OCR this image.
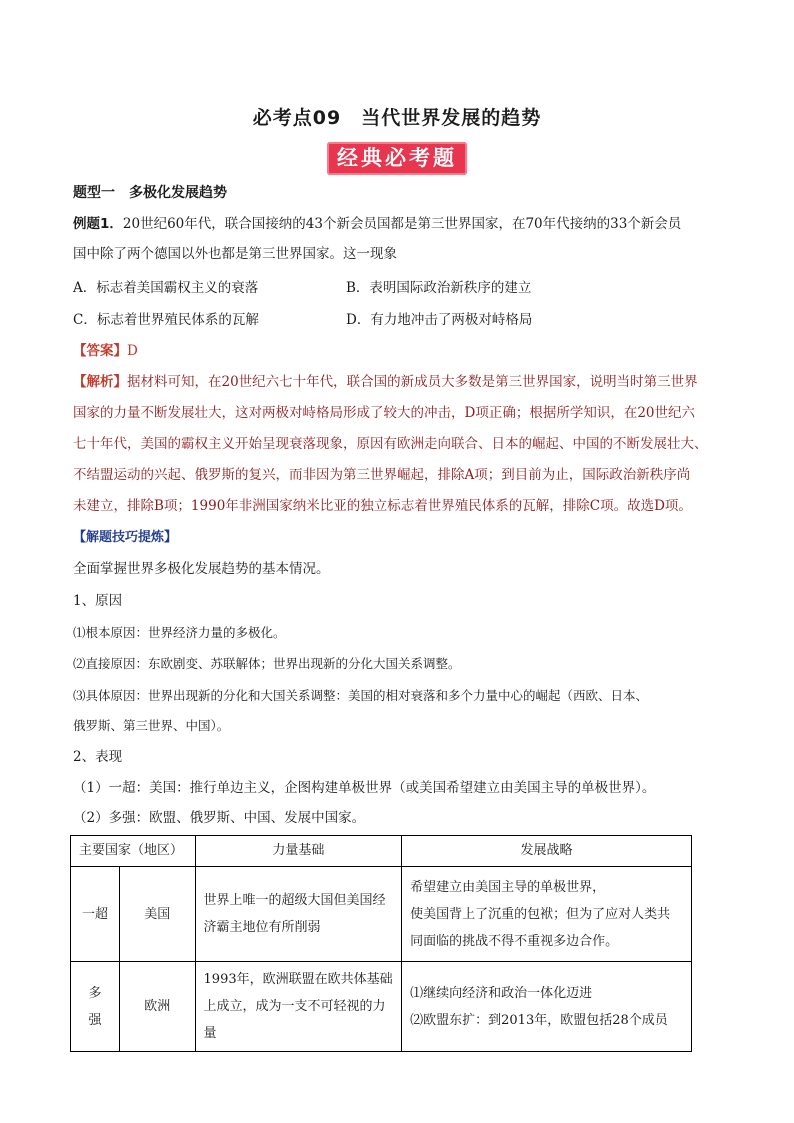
必考点09　当代世界发展的趋势
经典必考题
题型一　多极化发展趋势
例题1．20世纪60年代，联合国接纳的43个新会员国都是第三世界国家，在70年代接纳的33个新会员
国中除了两个德国以外也都是第三世界国家。这一现象
A．标志着美国霸权主义的衰落	B．表明国际政治新秩序的建立
C．标志着世界殖民体系的瓦解	D．有力地冲击了两极对峙格局
【答案】D
【解析】据材料可知，在20世纪六七十年代，联合国的新成员大多数是第三世界国家，说明当时第三世界
国家的力量不断发展壮大，这对两极对峙格局形成了较大的冲击，D项正确；根据所学知识，在20世纪六
七十年代，美国的霸权主义开始呈现衰落现象，原因有欧洲走向联合、日本的崛起、中国的不断发展壮大、
不结盟运动的兴起、俄罗斯的复兴，而非因为第三世界崛起，排除A项；到目前为止，国际政治新秩序尚
未建立，排除B项；1990年非洲国家纳米比亚的独立标志着世界殖民体系的瓦解，排除C项。故选D项。
【解题技巧提炼】
全面掌握世界多极化发展趋势的基本情况。
1、原因
⑴根本原因：世界经济力量的多极化。
⑵直接原因：东欧剧变、苏联解体；世界出现新的分化大国关系调整。
⑶具体原因：世界出现新的分化和大国关系调整：美国的相对衰落和多个力量中心的崛起（西欧、日本、
俄罗斯、第三世界、中国）。
2、表现
（1）一超：美国：推行单边主义，企图构建单极世界（或美国希望建立由美国主导的单极世界）。
（2）多强：欧盟、俄罗斯、中国、发展中国家。
主要国家（地区）		力量基础	发展战略
一超	美国	世界上唯一的超级大国但美国经济霸主地位有所削弱	希望建立由美国主导的单极世界，
使美国背上了沉重的包袱；但为了应对人类共同面临的挑战不得不重视多边合作。

多强	欧洲	1993年，欧洲联盟在欧共体基础上成立，成为一支不可轻视的力量	⑴继续向经济和政治一体化迈进
⑵欧盟东扩：到2013年，欧盟包括28个成员
